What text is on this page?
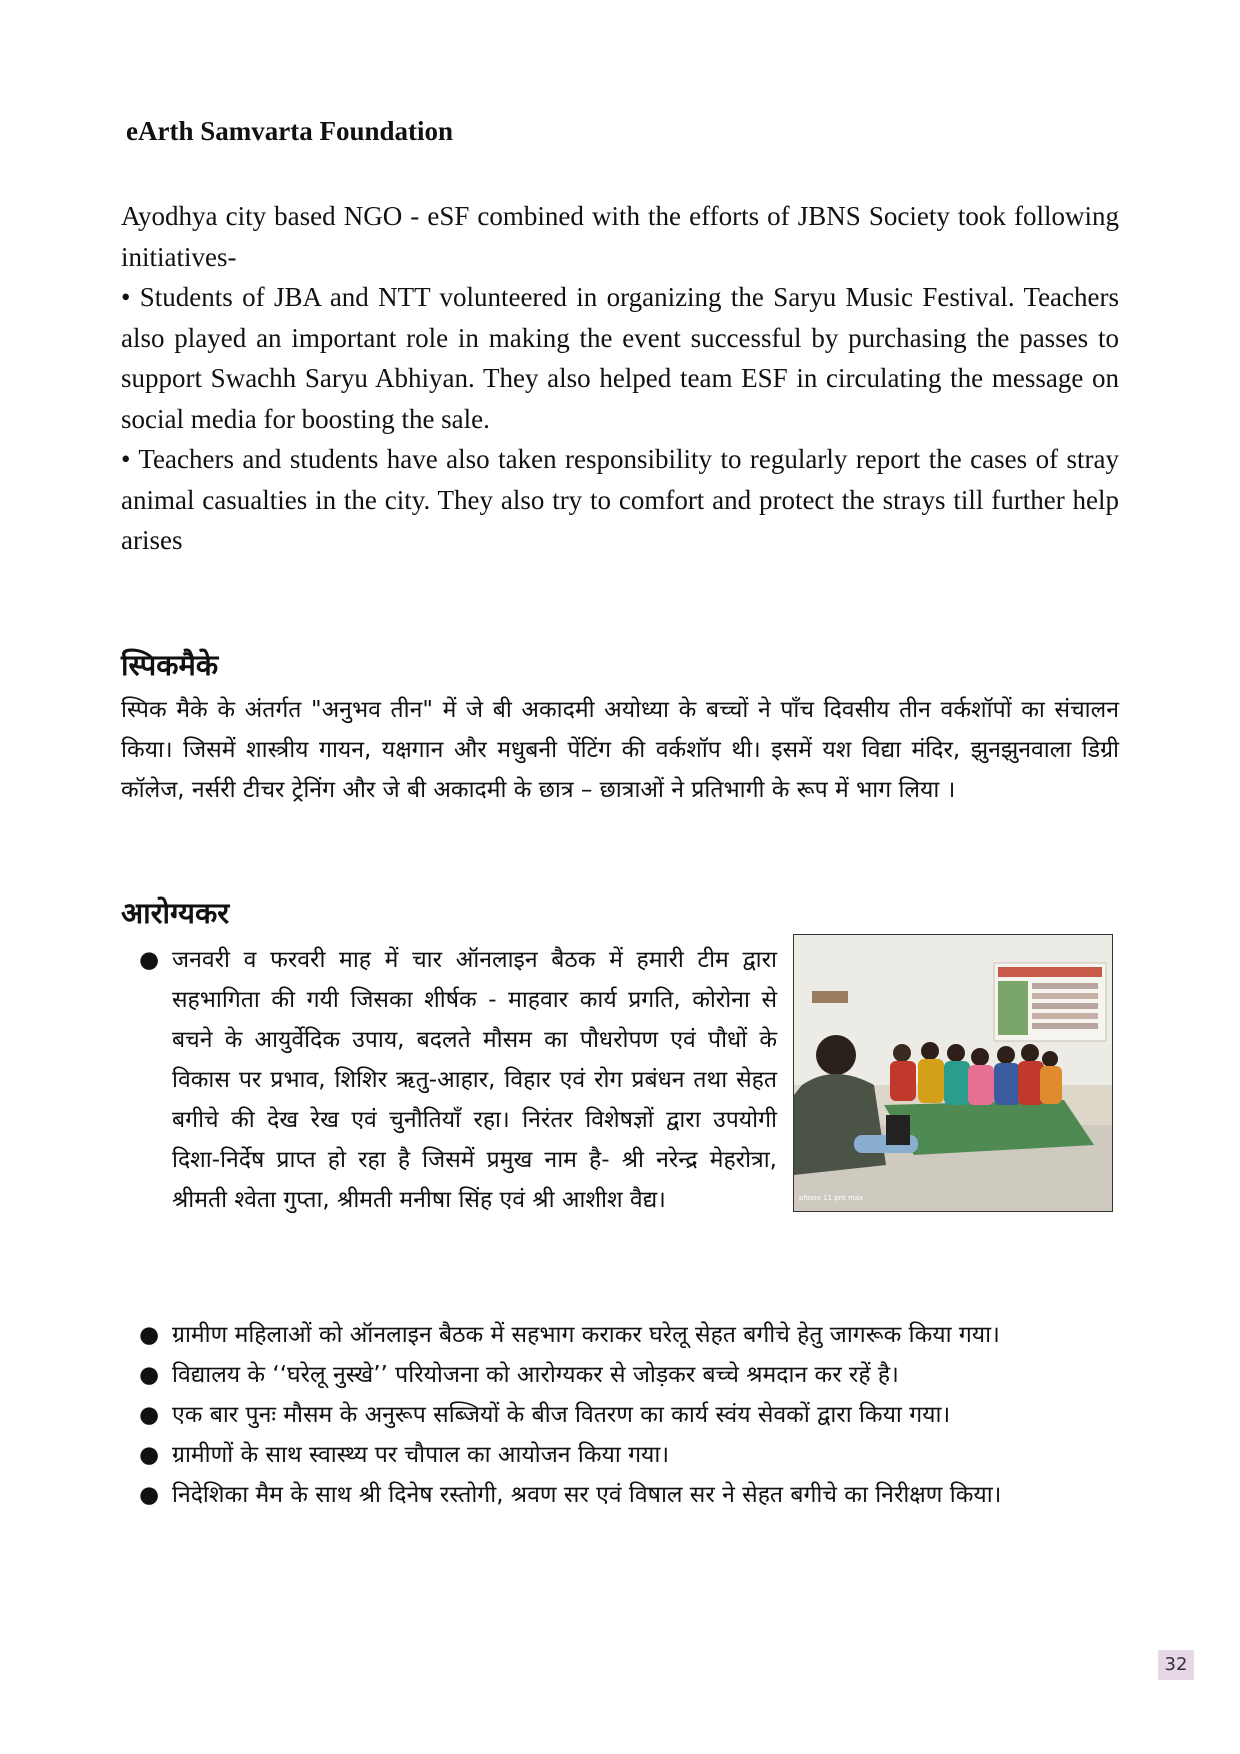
eArth Samvarta Foundation

Ayodhya city based NGO - eSF combined with the efforts of JBNS Society took following initiatives-

• Students of JBA and NTT volunteered in organizing the Saryu Music Festival. Teachers also played an important role in making the event successful by purchasing the passes to support Swachh Saryu Abhiyan. They also helped team ESF in circulating the message on social media for boosting the sale.

• Teachers and students have also taken responsibility to regularly report the cases of stray animal casualties in the city. They also try to comfort and protect the strays till further help arises

स्पिकमैके

स्पिक मैके के अंतर्गत "अनुभव तीन" में जे बी अकादमी अयोध्या के बच्चों ने पाँच दिवसीय तीन वर्कशॉपों का संचालन किया। जिसमें शास्त्रीय गायन, यक्षगान और मधुबनी पेंटिंग की वर्कशॉप थी। इसमें यश विद्या मंदिर, झुनझुनवाला डिग्री कॉलेज, नर्सरी टीचर ट्रेनिंग और जे बी अकादमी के छात्र – छात्राओं ने प्रतिभागी के रूप में भाग लिया ।

आरोग्यकर
● जनवरी व फरवरी माह में चार ऑनलाइन बैठक में हमारी टीम द्वारा सहभागिता की गयी जिसका शीर्षक - माहवार कार्य प्रगति, कोरोना से बचने के आयुर्वेदिक उपाय, बदलते मौसम का पौधरोपण एवं पौधों के विकास पर प्रभाव, शिशिर ऋतु-आहार, विहार एवं रोग प्रबंधन तथा सेहत बगीचे की देख रेख एवं चुनौतियाँ रहा। निरंतर विशेषज्ञों द्वारा उपयोगी दिशा-निर्देष प्राप्त हो रहा है जिसमें प्रमुख नाम है- श्री नरेन्द्र मेहरोत्रा, श्रीमती श्वेता गुप्ता, श्रीमती मनीषा सिंह एवं श्री आशीश वैद्य।	phone 11 pro max
● ग्रामीण महिलाओं को ऑनलाइन बैठक में सहभाग कराकर घरेलू सेहत बगीचे हेतु जागरूक किया गया।
● विद्यालय के ‘‘घरेलू नुस्खे’’ परियोजना को आरोग्यकर से जोड़कर बच्चे श्रमदान कर रहें है।
● एक बार पुनः मौसम के अनुरूप सब्जियों के बीज वितरण का कार्य स्वंय सेवकों द्वारा किया गया।
● ग्रामीणों के साथ स्वास्थ्य पर चौपाल का आयोजन किया गया।
● निदेशिका मैम के साथ श्री दिनेष रस्तोगी, श्रवण सर एवं विषाल सर ने सेहत बगीचे का निरीक्षण किया।
32
